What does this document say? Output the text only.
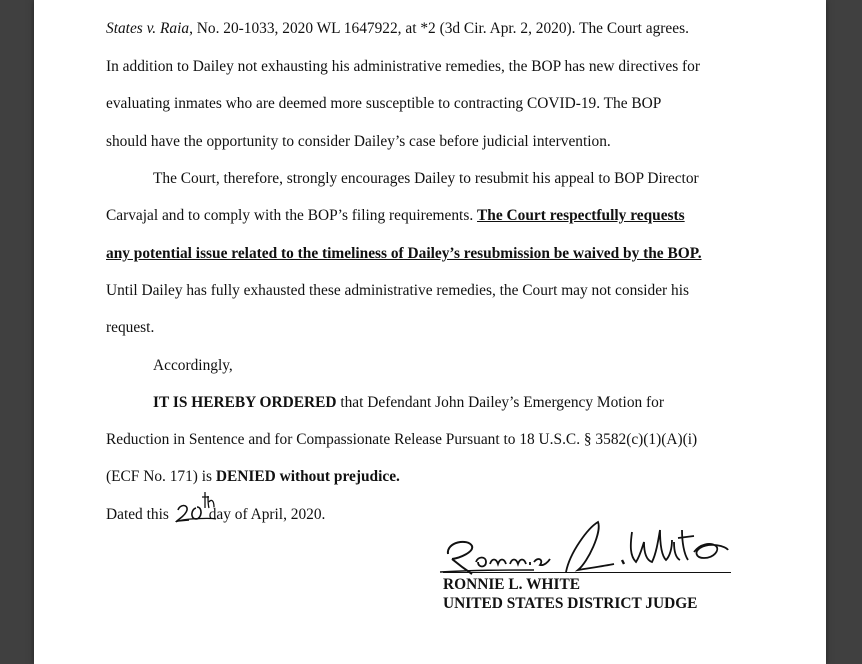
States v. Raia, No. 20-1033, 2020 WL 1647922, at *2 (3d Cir. Apr. 2, 2020). The Court agrees.

In addition to Dailey not exhausting his administrative remedies, the BOP has new directives for

evaluating inmates who are deemed more susceptible to contracting COVID-19. The BOP

should have the opportunity to consider Dailey’s case before judicial intervention.

The Court, therefore, strongly encourages Dailey to resubmit his appeal to BOP Director

Carvajal and to comply with the BOP’s filing requirements. The Court respectfully requests

any potential issue related to the timeliness of Dailey’s resubmission be waived by the BOP.

Until Dailey has fully exhausted these administrative remedies, the Court may not consider his

request.

Accordingly,

IT IS HEREBY ORDERED that Defendant John Dailey’s Emergency Motion for

Reduction in Sentence and for Compassionate Release Pursuant to 18 U.S.C. § 3582(c)(1)(A)(i)

(ECF No. 171) is DENIED without prejudice.

Dated this day of April, 2020.

RONNIE L. WHITE

UNITED STATES DISTRICT JUDGE
